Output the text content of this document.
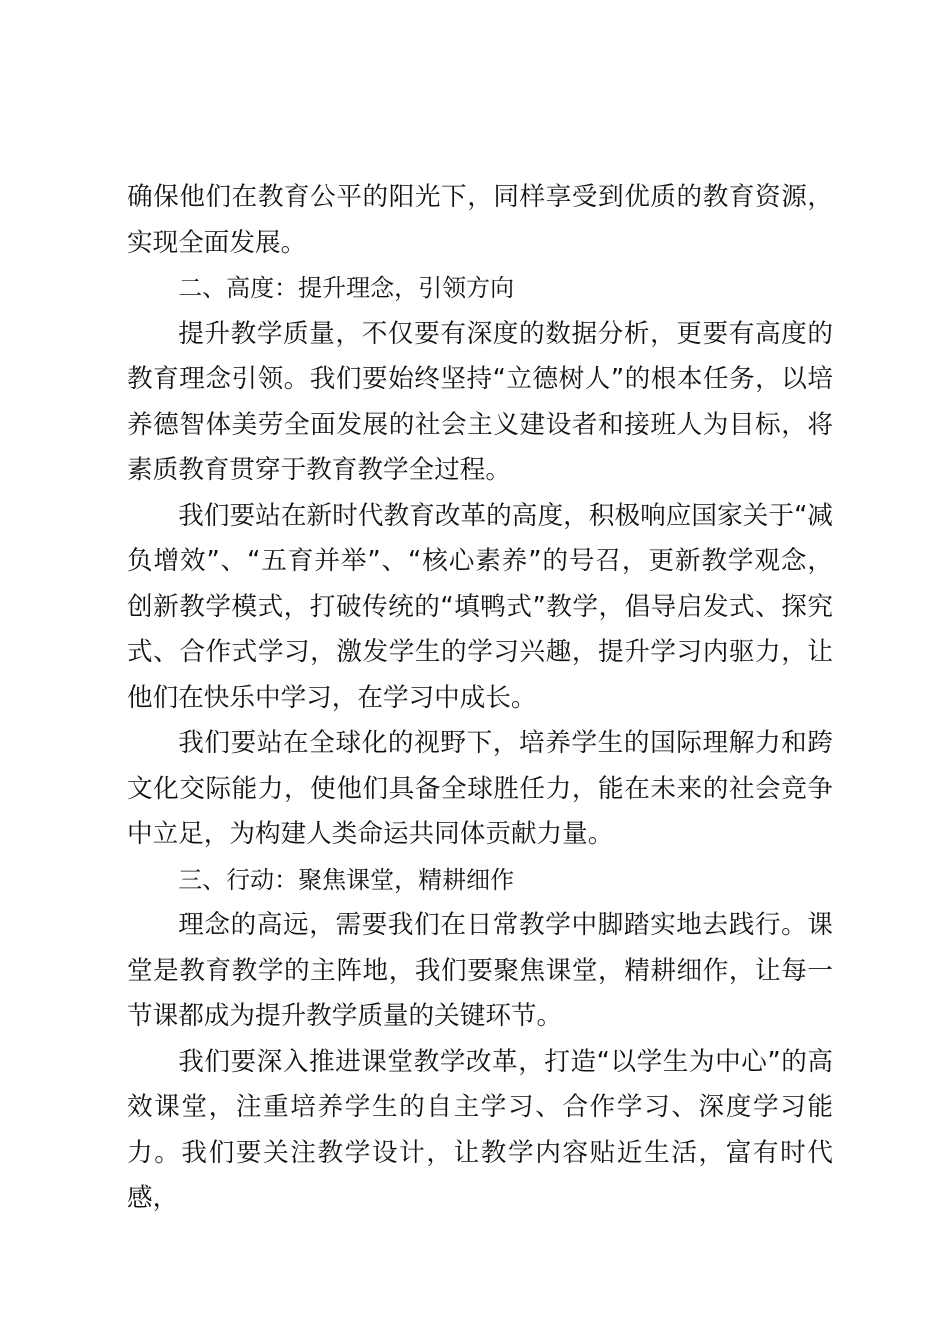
确保他们在教育公平的阳光下，同样享受到优质的教育资源，实现全面发展。

二、高度：提升理念，引领方向

提升教学质量，不仅要有深度的数据分析，更要有高度的教育理念引领。我们要始终坚持“立德树人”的根本任务，以培养德智体美劳全面发展的社会主义建设者和接班人为目标，将素质教育贯穿于教育教学全过程。

我们要站在新时代教育改革的高度，积极响应国家关于“减负增效”、“五育并举”、“核心素养”的号召，更新教学观念，创新教学模式，打破传统的“填鸭式”教学，倡导启发式、探究式、合作式学习，激发学生的学习兴趣，提升学习内驱力，让他们在快乐中学习，在学习中成长。

我们要站在全球化的视野下，培养学生的国际理解力和跨文化交际能力，使他们具备全球胜任力，能在未来的社会竞争中立足，为构建人类命运共同体贡献力量。

三、行动：聚焦课堂，精耕细作

理念的高远，需要我们在日常教学中脚踏实地去践行。课堂是教育教学的主阵地，我们要聚焦课堂，精耕细作，让每一节课都成为提升教学质量的关键环节。

我们要深入推进课堂教学改革，打造“以学生为中心”的高效课堂，注重培养学生的自主学习、合作学习、深度学习能力。我们要关注教学设计，让教学内容贴近生活，富有时代感，
